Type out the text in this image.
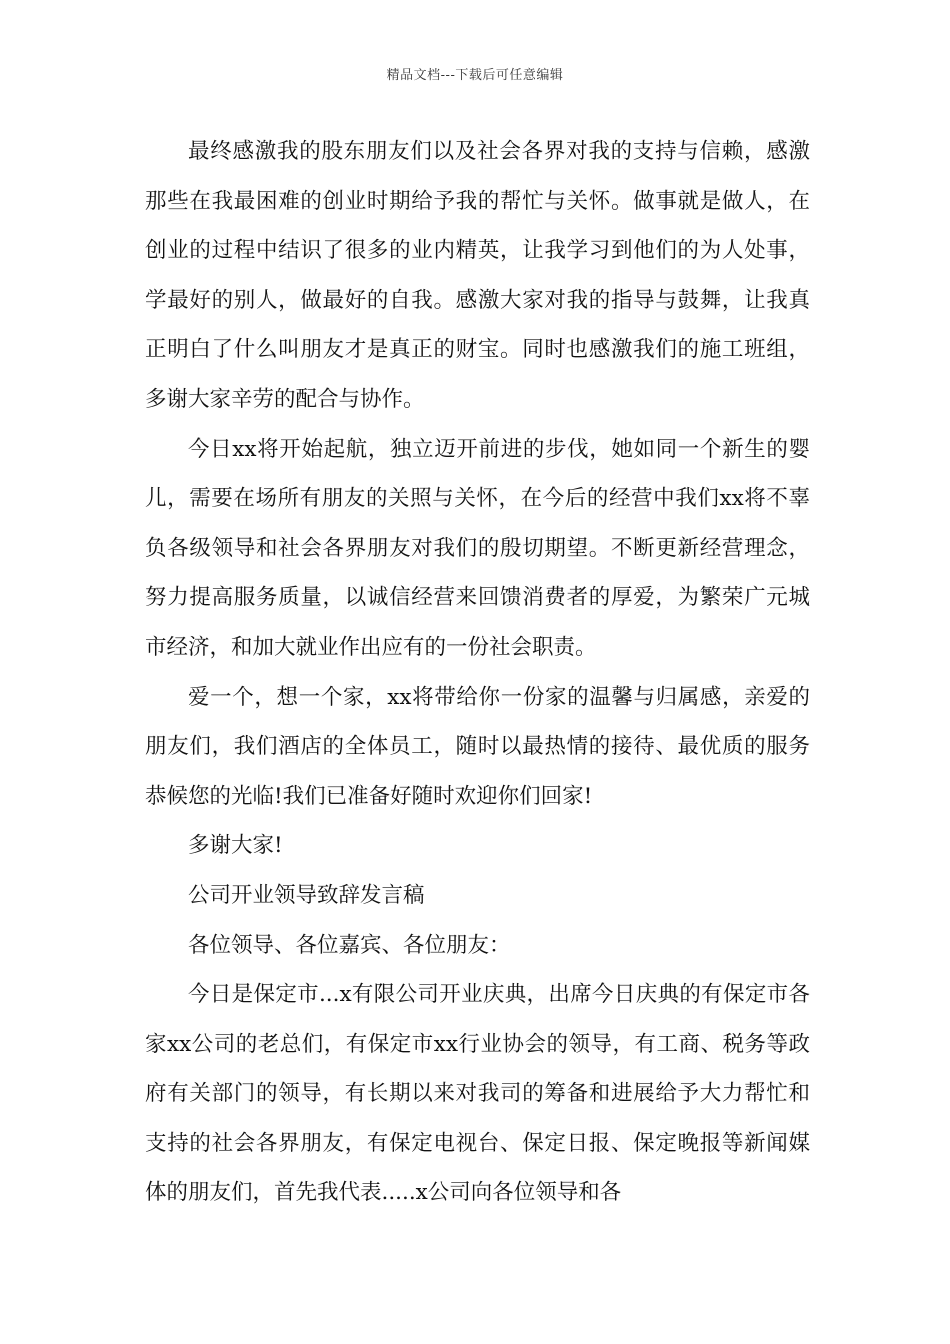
精品文档---下载后可任意编辑

最终感激我的股东朋友们以及社会各界对我的支持与信赖，感激那些在我最困难的创业时期给予我的帮忙与关怀。做事就是做人，在创业的过程中结识了很多的业内精英，让我学习到他们的为人处事，学最好的别人，做最好的自我。感激大家对我的指导与鼓舞，让我真正明白了什么叫朋友才是真正的财宝。同时也感激我们的施工班组，多谢大家辛劳的配合与协作。

今日xx将开始起航，独立迈开前进的步伐，她如同一个新生的婴儿，需要在场所有朋友的关照与关怀，在今后的经营中我们xx将不辜负各级领导和社会各界朋友对我们的殷切期望。不断更新经营理念，努力提高服务质量，以诚信经营来回馈消费者的厚爱，为繁荣广元城市经济，和加大就业作出应有的一份社会职责。

爱一个，想一个家，xx将带给你一份家的温馨与归属感，亲爱的朋友们，我们酒店的全体员工，随时以最热情的接待、最优质的服务恭候您的光临!我们已准备好随时欢迎你们回家!

多谢大家!

公司开业领导致辞发言稿

各位领导、各位嘉宾、各位朋友：

今日是保定市...x有限公司开业庆典，出席今日庆典的有保定市各家xx公司的老总们，有保定市xx行业协会的领导，有工商、税务等政府有关部门的领导，有长期以来对我司的筹备和进展给予大力帮忙和支持的社会各界朋友，有保定电视台、保定日报、保定晚报等新闻媒体的朋友们，首先我代表.....x公司向各位领导和各
